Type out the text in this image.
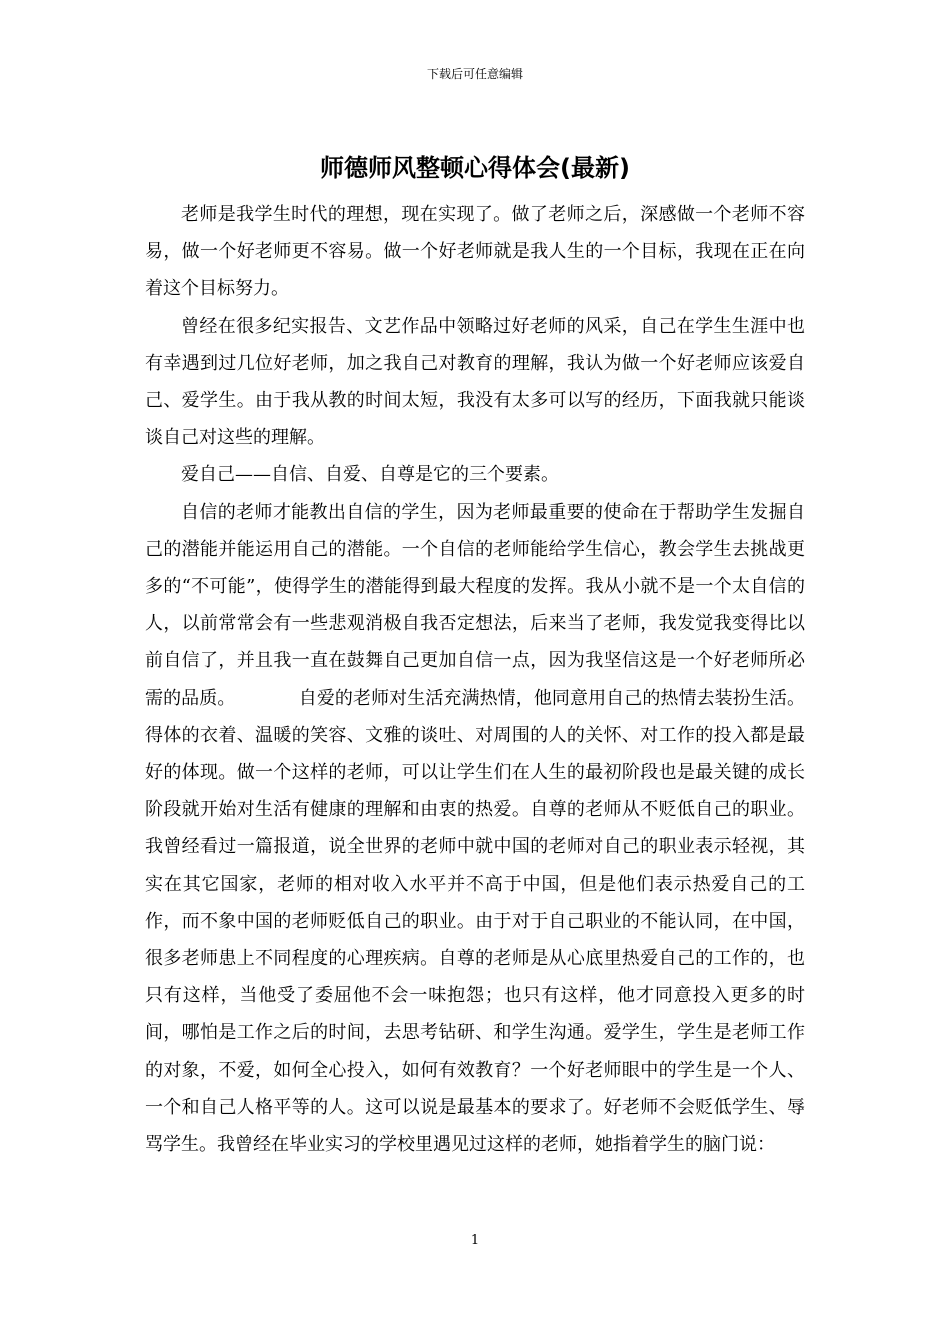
下载后可任意编辑
师德师风整顿心得体会(最新)

老师是我学生时代的理想，现在实现了。做了老师之后，深感做一个老师不容易，做一个好老师更不容易。做一个好老师就是我人生的一个目标，我现在正在向着这个目标努力。

曾经在很多纪实报告、文艺作品中领略过好老师的风采，自己在学生生涯中也有幸遇到过几位好老师，加之我自己对教育的理解，我认为做一个好老师应该爱自己、爱学生。由于我从教的时间太短，我没有太多可以写的经历，下面我就只能谈谈自己对这些的理解。

爱自己——自信、自爱、自尊是它的三个要素。

自信的老师才能教出自信的学生，因为老师最重要的使命在于帮助学生发掘自己的潜能并能运用自己的潜能。一个自信的老师能给学生信心，教会学生去挑战更多的“不可能”，使得学生的潜能得到最大程度的发挥。我从小就不是一个太自信的人，以前常常会有一些悲观消极自我否定想法，后来当了老师，我发觉我变得比以前自信了，并且我一直在鼓舞自己更加自信一点，因为我坚信这是一个好老师所必需的品质。　　　　自爱的老师对生活充满热情，他同意用自己的热情去装扮生活。得体的衣着、温暖的笑容、文雅的谈吐、对周围的人的关怀、对工作的投入都是最好的体现。做一个这样的老师，可以让学生们在人生的最初阶段也是最关键的成长阶段就开始对生活有健康的理解和由衷的热爱。自尊的老师从不贬低自己的职业。我曾经看过一篇报道，说全世界的老师中就中国的老师对自己的职业表示轻视，其实在其它国家，老师的相对收入水平并不高于中国，但是他们表示热爱自己的工作，而不象中国的老师贬低自己的职业。由于对于自己职业的不能认同，在中国，很多老师患上不同程度的心理疾病。自尊的老师是从心底里热爱自己的工作的，也只有这样，当他受了委屈他不会一味抱怨；也只有这样，他才同意投入更多的时间，哪怕是工作之后的时间，去思考钻研、和学生沟通。爱学生，学生是老师工作的对象，不爱，如何全心投入，如何有效教育？一个好老师眼中的学生是一个人、一个和自己人格平等的人。这可以说是最基本的要求了。好老师不会贬低学生、辱骂学生。我曾经在毕业实习的学校里遇见过这样的老师，她指着学生的脑门说：

1
